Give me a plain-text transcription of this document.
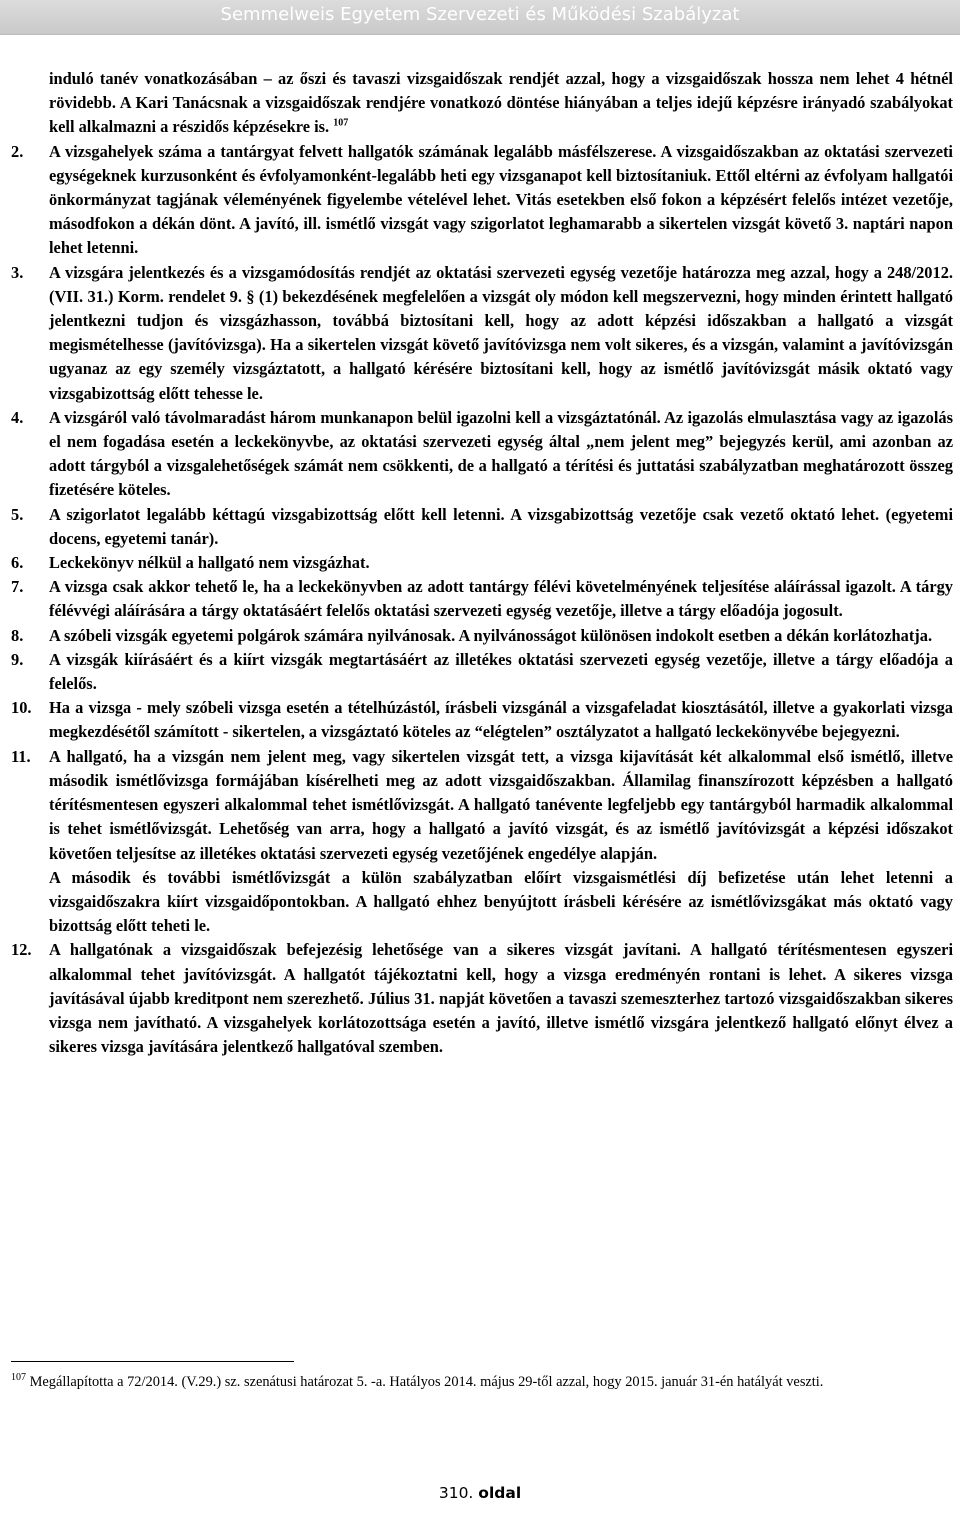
Semmelweis Egyetem Szervezeti és Működési Szabályzat

induló tanév vonatkozásában – az őszi és tavaszi vizsgaidőszak rendjét azzal, hogy a vizsgaidőszak hossza nem lehet 4 hétnél rövidebb. A Kari Tanácsnak a vizsgaidőszak rendjére vonatkozó döntése hiányában a teljes idejű képzésre irányadó szabályokat kell alkalmazni a részidős képzésekre is. $^{107}$

2. A vizsgahelyek száma a tantárgyat felvett hallgatók számának legalább másfélszerese. A vizsgaidőszakban az oktatási szervezeti egységeknek kurzusonként és évfolyamonként-legalább heti egy vizsganapot kell biztosítaniuk. Ettől eltérni az évfolyam hallgatói önkormányzat tagjának véleményének figyelembe vételével lehet. Vitás esetekben első fokon a képzésért felelős intézet vezetője, másodfokon a dékán dönt. A javító, ill. ismétlő vizsgát vagy szigorlatot leghamarabb a sikertelen vizsgát követő 3. naptári napon lehet letenni.

3. A vizsgára jelentkezés és a vizsgamódosítás rendjét az oktatási szervezeti egység vezetője határozza meg azzal, hogy a 248/2012. (VII. 31.) Korm. rendelet 9. § (1) bekezdésének megfelelően a vizsgát oly módon kell megszervezni, hogy minden érintett hallgató jelentkezni tudjon és vizsgázhasson, továbbá biztosítani kell, hogy az adott képzési időszakban a hallgató a vizsgát megismételhesse (javítóvizsga). Ha a sikertelen vizsgát követő javítóvizsga nem volt sikeres, és a vizsgán, valamint a javítóvizsgán ugyanaz az egy személy vizsgáztatott, a hallgató kérésére biztosítani kell, hogy az ismétlő javítóvizsgát másik oktató vagy vizsgabizottság előtt tehesse le.

4. A vizsgáról való távolmaradást három munkanapon belül igazolni kell a vizsgáztatónál. Az igazolás elmulasztása vagy az igazolás el nem fogadása esetén a leckekönyvbe, az oktatási szervezeti egység által „nem jelent meg” bejegyzés kerül, ami azonban az adott tárgyból a vizsgalehetőségek számát nem csökkenti, de a hallgató a térítési és juttatási szabályzatban meghatározott összeg fizetésére köteles.

5. A szigorlatot legalább kéttagú vizsgabizottság előtt kell letenni. A vizsgabizottság vezetője csak vezető oktató lehet. (egyetemi docens, egyetemi tanár).

6. Leckekönyv nélkül a hallgató nem vizsgázhat.

7. A vizsga csak akkor tehető le, ha a leckekönyvben az adott tantárgy félévi követelményének teljesítése aláírással igazolt. A tárgy félévvégi aláírására a tárgy oktatásáért felelős oktatási szervezeti egység vezetője, illetve a tárgy előadója jogosult.

8. A szóbeli vizsgák egyetemi polgárok számára nyilvánosak. A nyilvánosságot különösen indokolt esetben a dékán korlátozhatja.

9. A vizsgák kiírásáért és a kiírt vizsgák megtartásáért az illetékes oktatási szervezeti egység vezetője, illetve a tárgy előadója a felelős.

10. Ha a vizsga - mely szóbeli vizsga esetén a tételhúzástól, írásbeli vizsgánál a vizsgafeladat kiosztásától, illetve a gyakorlati vizsga megkezdésétől számított - sikertelen, a vizsgáztató köteles az “elégtelen” osztályzatot a hallgató leckekönyvébe bejegyezni.

11. A hallgató, ha a vizsgán nem jelent meg, vagy sikertelen vizsgát tett, a vizsga kijavítását két alkalommal első ismétlő, illetve második ismétlővizsga formájában kísérelheti meg az adott vizsgaidőszakban. Államilag finanszírozott képzésben a hallgató térítésmentesen egyszeri alkalommal tehet ismétlővizsgát. A hallgató tanévente legfeljebb egy tantárgyból harmadik alkalommal is tehet ismétlővizsgát. Lehetőség van arra, hogy a hallgató a javító vizsgát, és az ismétlő javítóvizsgát a képzési időszakot követően teljesítse az illetékes oktatási szervezeti egység vezetőjének engedélye alapján.

A második és további ismétlővizsgát a külön szabályzatban előírt vizsgaismétlési díj befizetése után lehet letenni a vizsgaidőszakra kiírt vizsgaidőpontokban. A hallgató ehhez benyújtott írásbeli kérésére az ismétlővizsgákat más oktató vagy bizottság előtt teheti le.

12. A hallgatónak a vizsgaidőszak befejezésig lehetősége van a sikeres vizsgát javítani. A hallgató térítésmentesen egyszeri alkalommal tehet javítóvizsgát. A hallgatót tájékoztatni kell, hogy a vizsga eredményén rontani is lehet. A sikeres vizsga javításával újabb kreditpont nem szerezhető. Július 31. napját követően a tavaszi szemeszterhez tartozó vizsgaidőszakban sikeres vizsga nem javítható. A vizsgahelyek korlátozottsága esetén a javító, illetve ismétlő vizsgára jelentkező hallgató előnyt élvez a sikeres vizsga javítására jelentkező hallgatóval szemben.

$^{107}$ Megállapította a 72/2014. (V.29.) sz. szenátusi határozat 5. -a. Hatályos 2014. május 29-től azzal, hogy 2015. január 31-én hatályát veszti.
310. oldal
